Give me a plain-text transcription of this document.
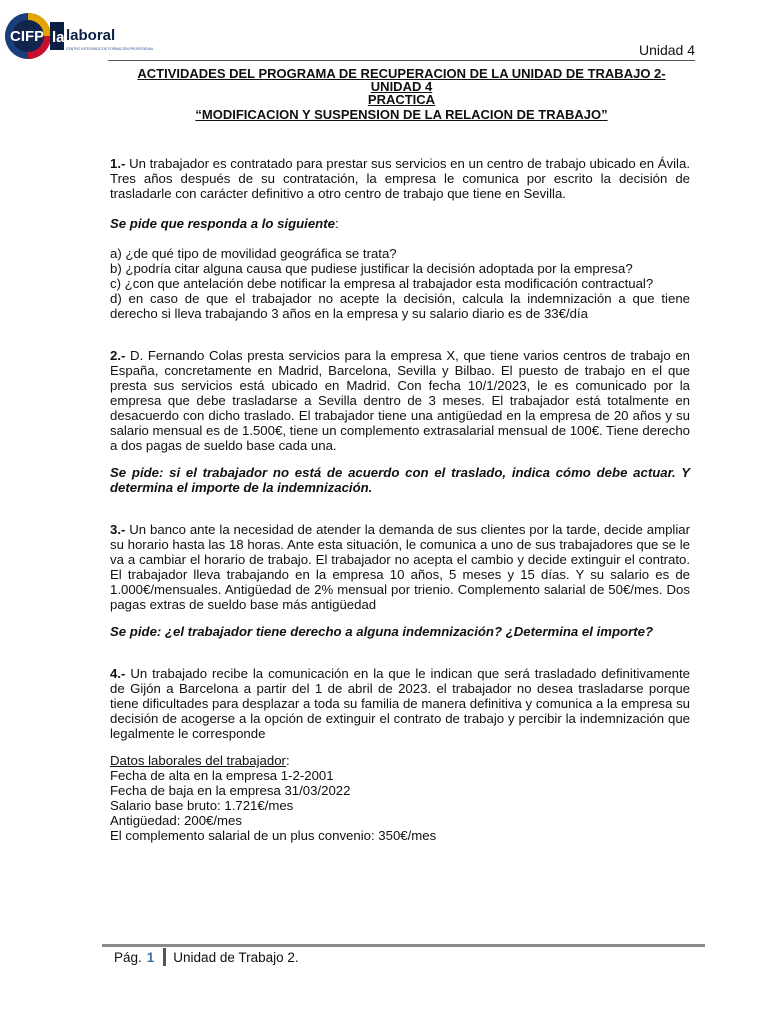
CIFP la laboral
CENTRO INTEGRADO DE FORMACIÓN PROFESIONAL	Unidad 4
ACTIVIDADES DEL PROGRAMA DE RECUPERACION DE LA UNIDAD DE TRABAJO 2-
UNIDAD 4
PRACTICA
“MODIFICACION Y SUSPENSION DE LA RELACION DE TRABAJO”

1.- Un trabajador es contratado para prestar sus servicios en un centro de trabajo ubicado en Ávila. Tres años después de su contratación, la empresa le comunica por escrito la decisión de trasladarle con carácter definitivo a otro centro de trabajo que tiene en Sevilla.

Se pide que responda a lo siguiente:

a) ¿de qué tipo de movilidad geográfica se trata?

b) ¿podría citar alguna causa que pudiese justificar la decisión adoptada por la empresa?

c) ¿con que antelación debe notificar la empresa al trabajador esta modificación contractual?

d) en caso de que el trabajador no acepte la decisión, calcula la indemnización a que tiene derecho si lleva trabajando 3 años en la empresa y su salario diario es de 33€/día

2.- D. Fernando Colas presta servicios para la empresa X, que tiene varios centros de trabajo en España, concretamente en Madrid, Barcelona, Sevilla y Bilbao. El puesto de trabajo en el que presta sus servicios está ubicado en Madrid. Con fecha 10/1/2023, le es comunicado por la empresa que debe trasladarse a Sevilla dentro de 3 meses. El trabajador está totalmente en desacuerdo con dicho traslado. El trabajador tiene una antigüedad en la empresa de 20 años y su salario mensual es de 1.500€, tiene un complemento extrasalarial mensual de 100€. Tiene derecho a dos pagas de sueldo base cada una.

Se pide: si el trabajador no está de acuerdo con el traslado, indica cómo debe actuar. Y determina el importe de la indemnización.

3.- Un banco ante la necesidad de atender la demanda de sus clientes por la tarde, decide ampliar su horario hasta las 18 horas. Ante esta situación, le comunica a uno de sus trabajadores que se le va a cambiar el horario de trabajo. El trabajador no acepta el cambio y decide extinguir el contrato. El trabajador lleva trabajando en la empresa 10 años, 5 meses y 15 días. Y su salario es de 1.000€/mensuales. Antigüedad de 2% mensual por trienio. Complemento salarial de 50€/mes. Dos pagas extras de sueldo base más antigüedad

Se pide: ¿el trabajador tiene derecho a alguna indemnización? ¿Determina el importe?

4.- Un trabajado recibe la comunicación en la que le indican que será trasladado definitivamente de Gijón a Barcelona a partir del 1 de abril de 2023. el trabajador no desea trasladarse porque tiene dificultades para desplazar a toda su familia de manera definitiva y comunica a la empresa su decisión de acogerse a la opción de extinguir el contrato de trabajo y percibir la indemnización que legalmente le corresponde

Datos laborales del trabajador:

Fecha de alta en la empresa 1-2-2001

Fecha de baja en la empresa 31/03/2022

Salario base bruto: 1.721€/mes

Antigüedad: 200€/mes

El complemento salarial de un plus convenio: 350€/mes

Pág. 1 Unidad de Trabajo 2.
